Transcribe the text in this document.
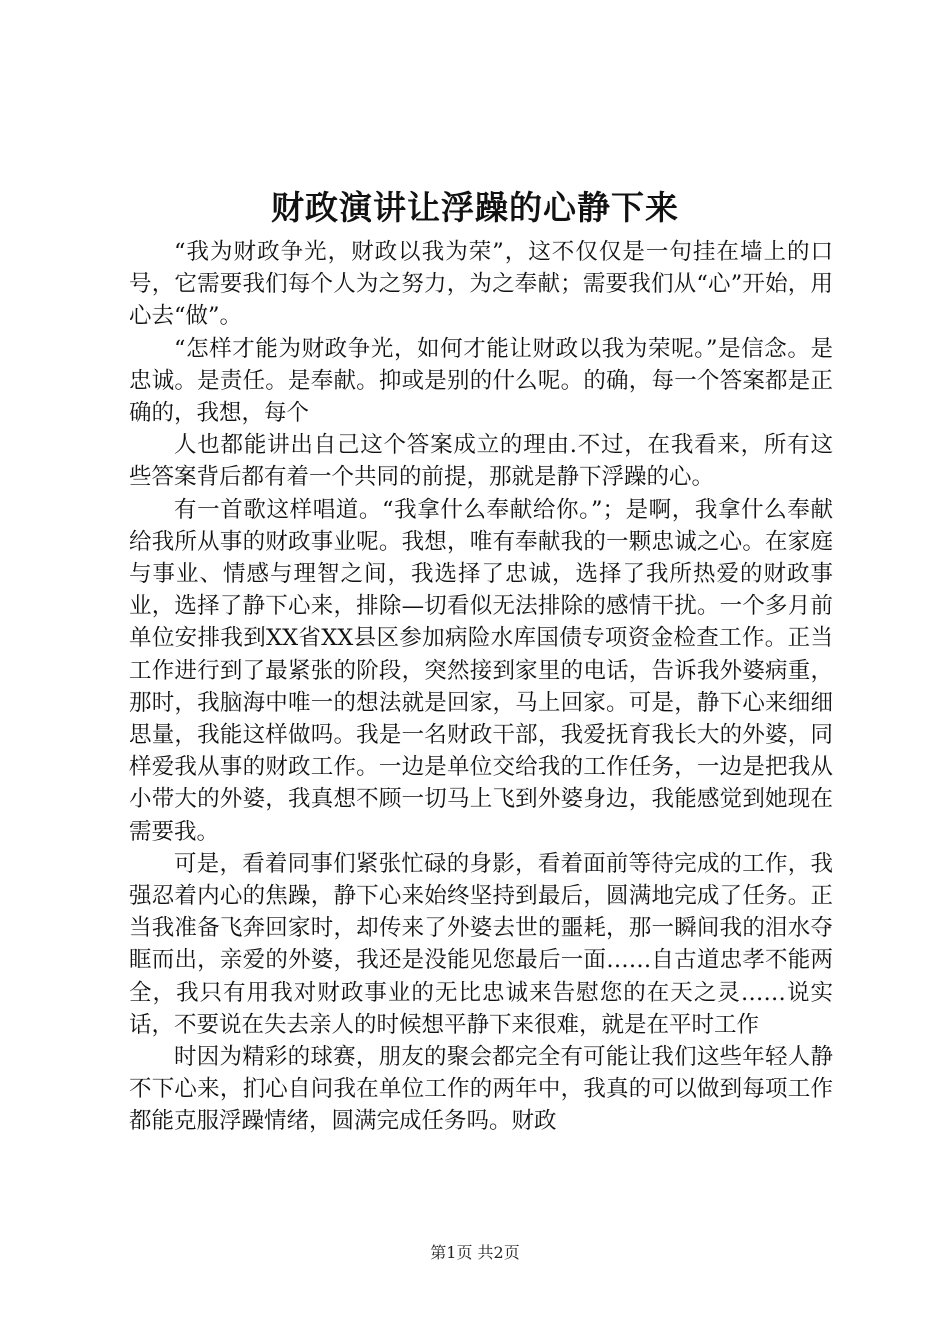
财政演讲让浮躁的心静下来

“我为财政争光，财政以我为荣”，这不仅仅是一句挂在墙上的口号，它需要我们每个人为之努力，为之奉献；需要我们从“心”开始，用心去“做”。

“怎样才能为财政争光，如何才能让财政以我为荣呢。”是信念。是忠诚。是责任。是奉献。抑或是别的什么呢。的确，每一个答案都是正确的，我想，每个

人也都能讲出自己这个答案成立的理由.不过，在我看来，所有这些答案背后都有着一个共同的前提，那就是静下浮躁的心。

有一首歌这样唱道。“我拿什么奉献给你。”；是啊，我拿什么奉献给我所从事的财政事业呢。我想，唯有奉献我的一颗忠诚之心。在家庭与事业、情感与理智之间，我选择了忠诚，选择了我所热爱的财政事业，选择了静下心来，排除—切看似无法排除的感情干扰。一个多月前单位安排我到XX省XX县区参加病险水库国债专项资金检查工作。正当工作进行到了最紧张的阶段，突然接到家里的电话，告诉我外婆病重，那时，我脑海中唯一的想法就是回家，马上回家。可是，静下心来细细思量，我能这样做吗。我是一名财政干部，我爱抚育我长大的外婆，同样爱我从事的财政工作。一边是单位交给我的工作任务，一边是把我从小带大的外婆，我真想不顾一切马上飞到外婆身边，我能感觉到她现在需要我。

可是，看着同事们紧张忙碌的身影，看着面前等待完成的工作，我强忍着内心的焦躁，静下心来始终坚持到最后，圆满地完成了任务。正当我准备飞奔回家时，却传来了外婆去世的噩耗，那一瞬间我的泪水夺眶而出，亲爱的外婆，我还是没能见您最后一面……自古道忠孝不能两全，我只有用我对财政事业的无比忠诚来告慰您的在天之灵……说实话，不要说在失去亲人的时候想平静下来很难，就是在平时工作

时因为精彩的球赛，朋友的聚会都完全有可能让我们这些年轻人静不下心来，扪心自问我在单位工作的两年中，我真的可以做到每项工作都能克服浮躁情绪，圆满完成任务吗。财政

第1页 共2页
